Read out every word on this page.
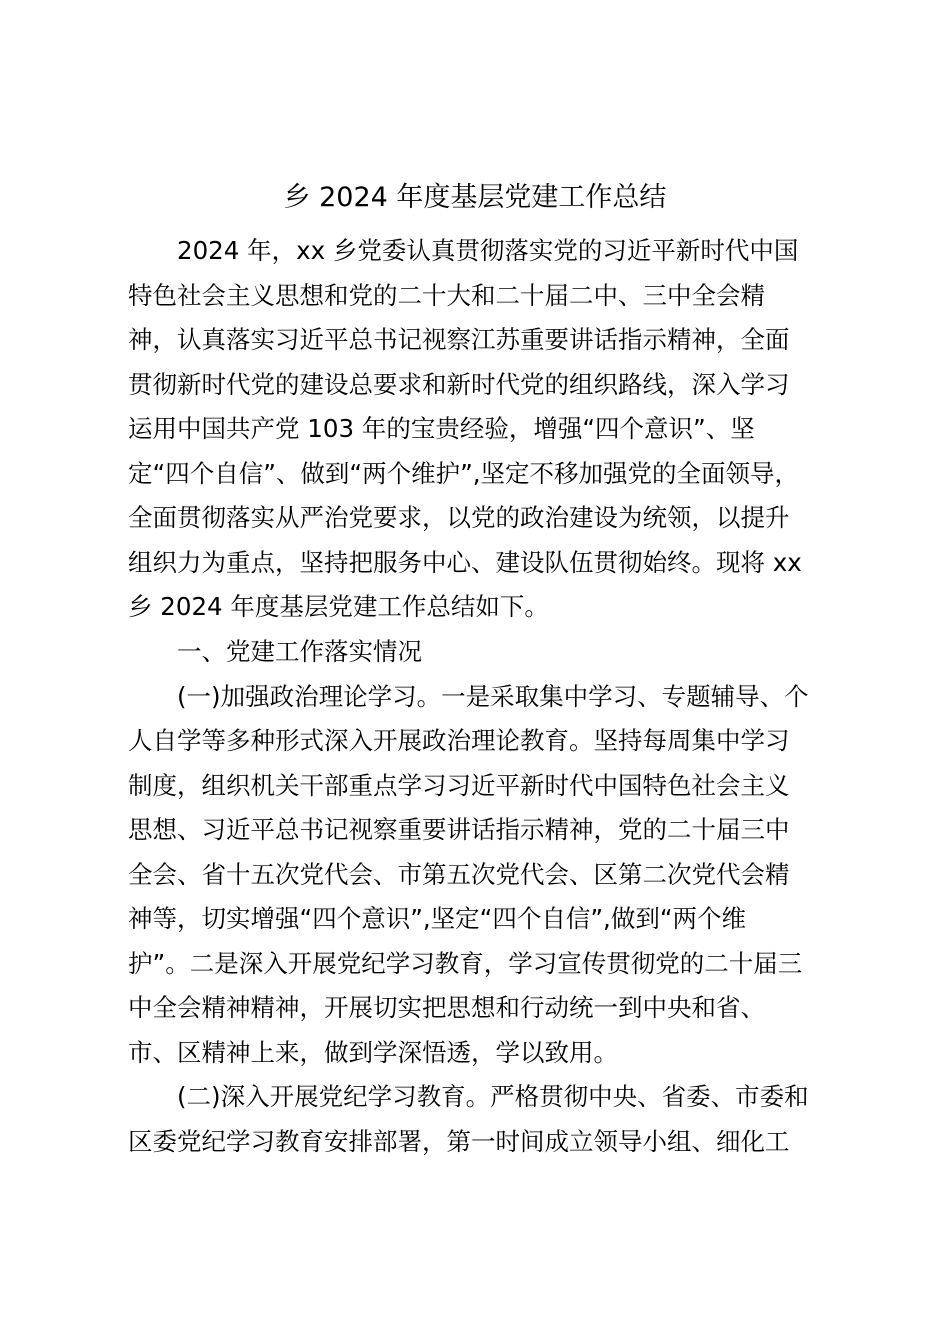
乡 2024 年度基层党建工作总结

2024 年，xx 乡党委认真贯彻落实党的习近平新时代中国

特色社会主义思想和党的二十大和二十届二中、三中全会精

神，认真落实习近平总书记视察江苏重要讲话指示精神，全面

贯彻新时代党的建设总要求和新时代党的组织路线，深入学习

运用中国共产党 103 年的宝贵经验，增强“四个意识”、坚

定“四个自信”、做到“两个维护”,坚定不移加强党的全面领导，

全面贯彻落实从严治党要求，以党的政治建设为统领，以提升

组织力为重点，坚持把服务中心、建设队伍贯彻始终。现将 xx

乡 2024 年度基层党建工作总结如下。

一、党建工作落实情况

(一)加强政治理论学习。一是采取集中学习、专题辅导、个

人自学等多种形式深入开展政治理论教育。坚持每周集中学习

制度，组织机关干部重点学习习近平新时代中国特色社会主义

思想、习近平总书记视察重要讲话指示精神，党的二十届三中

全会、省十五次党代会、市第五次党代会、区第二次党代会精

神等，切实增强“四个意识”,坚定“四个自信”,做到“两个维

护”。二是深入开展党纪学习教育，学习宣传贯彻党的二十届三

中全会精神精神，开展切实把思想和行动统一到中央和省、

市、区精神上来，做到学深悟透，学以致用。

(二)深入开展党纪学习教育。严格贯彻中央、省委、市委和

区委党纪学习教育安排部署，第一时间成立领导小组、细化工
